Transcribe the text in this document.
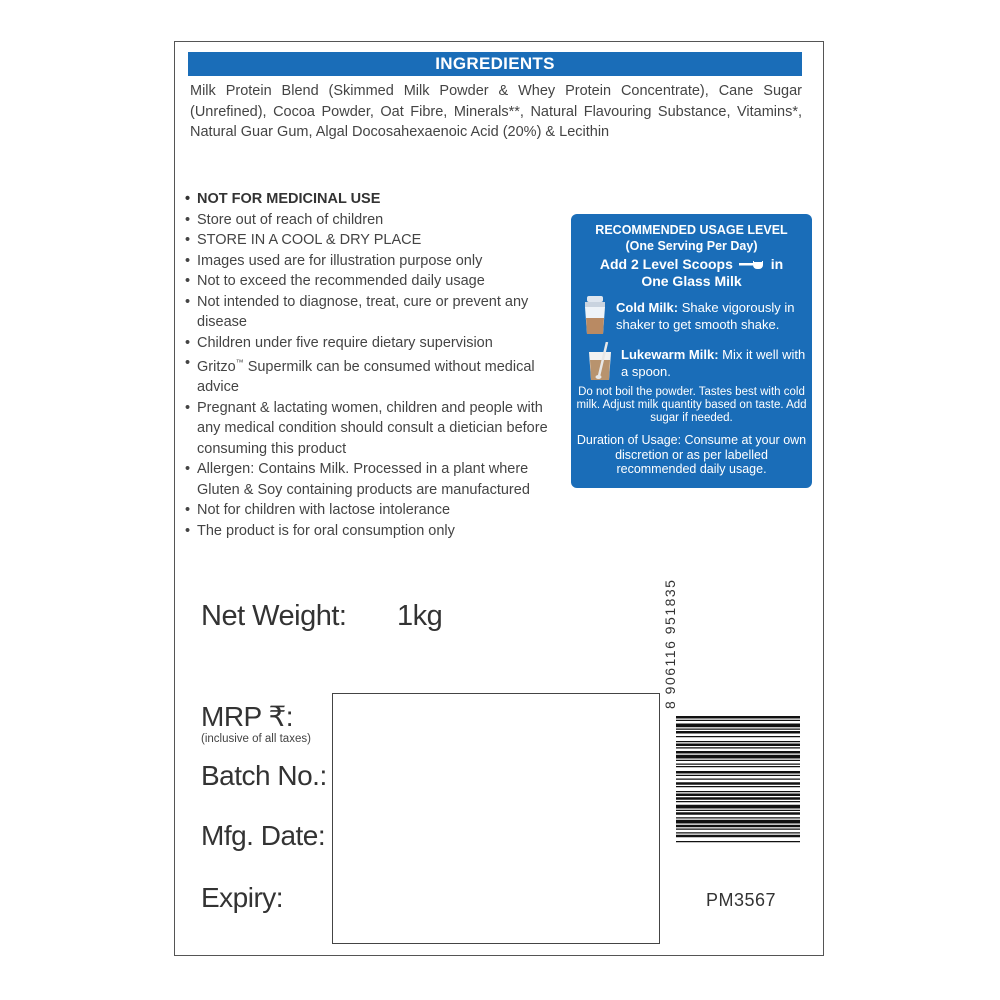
INGREDIENTS
Milk Protein Blend (Skimmed Milk Powder & Whey Protein Concentrate), Cane Sugar (Unrefined), Cocoa Powder, Oat Fibre, Minerals**, Natural Flavouring Substance, Vitamins*, Natural Guar Gum, Algal Docosahexaenoic Acid (20%) & Lecithin
• NOT FOR MEDICINAL USE
• Store out of reach of children
• STORE IN A COOL & DRY PLACE
• Images used are for illustration purpose only
• Not to exceed the recommended daily usage
• Not intended to diagnose, treat, cure or prevent any disease
• Children under five require dietary supervision
• Gritzo™ Supermilk can be consumed without medical advice
• Pregnant & lactating women, children and people with any medical condition should consult a dietician before consuming this product
• Allergen: Contains Milk. Processed in a plant where Gluten & Soy containing products are manufactured
• Not for children with lactose intolerance
• The product is for oral consumption only
RECOMMENDED USAGE LEVEL
(One Serving Per Day)
Add 2 Level Scoops	in
One Glass Milk
Cold Milk: Shake vigorously in shaker to get smooth shake.
Lukewarm Milk: Mix it well with a spoon.
Do not boil the powder. Tastes best with cold milk. Adjust milk quantity based on taste. Add sugar if needed.
Duration of Usage: Consume at your own discretion or as per labelled recommended daily usage.
Net Weight: 1kg
MRP ₹:
(inclusive of all taxes)
Batch No.:
Mfg. Date:
Expiry:
8 906116 951835
PM3567
